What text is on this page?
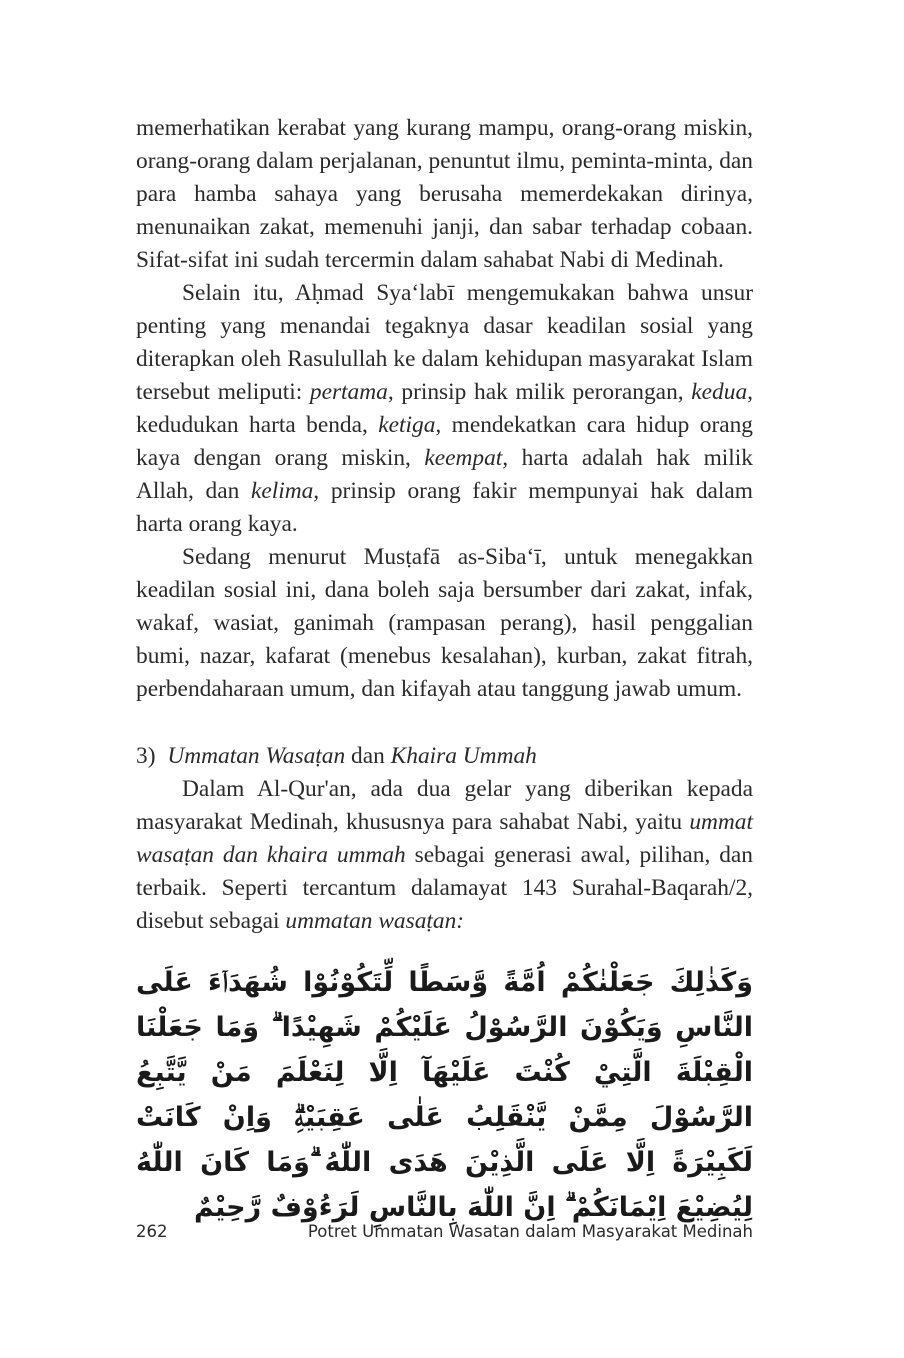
memerhatikan kerabat yang kurang mampu, orang-orang miskin, orang-orang dalam perjalanan, penuntut ilmu, peminta-minta, dan para hamba sahaya yang berusaha memerdekakan dirinya, menunaikan zakat, memenuhi janji, dan sabar terhadap cobaan. Sifat-sifat ini sudah tercermin dalam sahabat Nabi di Medinah.

Selain itu, Aḥmad Sya‘labī mengemukakan bahwa unsur penting yang menandai tegaknya dasar keadilan sosial yang diterapkan oleh Rasulullah ke dalam kehidupan masyarakat Islam tersebut meliputi: pertama, prinsip hak milik perorangan, kedua, kedudukan harta benda, ketiga, mendekatkan cara hidup orang kaya dengan orang miskin, keempat, harta adalah hak milik Allah, dan kelima, prinsip orang fakir mempunyai hak dalam harta orang kaya.

Sedang menurut Musṭafā as-Siba‘ī, untuk menegakkan keadilan sosial ini, dana boleh saja bersumber dari zakat, infak, wakaf, wasiat, ganimah (rampasan perang), hasil penggalian bumi, nazar, kafarat (menebus kesalahan), kurban, zakat fitrah, perbendaharaan umum, dan kifayah atau tanggung jawab umum.

3) Ummatan Wasaṭan dan Khaira Ummah

Dalam Al-Qur'an, ada dua gelar yang diberikan kepada masyarakat Medinah, khususnya para sahabat Nabi, yaitu ummat wasaṭan dan khaira ummah sebagai generasi awal, pilihan, dan terbaik. Seperti tercantum dalamayat 143 Surahal-Baqarah/2, disebut sebagai ummatan wasaṭan:

وَكَذٰلِكَ جَعَلْنٰكُمْ اُمَّةً وَّسَطًا لِّتَكُوْنُوْا شُهَدَاۤءَ عَلَى النَّاسِ وَيَكُوْنَ الرَّسُوْلُ عَلَيْكُمْ شَهِيْدًا ۗ وَمَا جَعَلْنَا الْقِبْلَةَ الَّتِيْ كُنْتَ عَلَيْهَآ اِلَّا لِنَعْلَمَ مَنْ يَّتَّبِعُ الرَّسُوْلَ مِمَّنْ يَّنْقَلِبُ عَلٰى عَقِبَيْهِۗ وَاِنْ كَانَتْ لَكَبِيْرَةً اِلَّا عَلَى الَّذِيْنَ هَدَى اللّٰهُ ۗوَمَا كَانَ اللّٰهُ لِيُضِيْعَ اِيْمَانَكُمْ ۗ اِنَّ اللّٰهَ بِالنَّاسِ لَرَءُوْفٌ رَّحِيْمٌ
262	Potret Ummatan Wasatan dalam Masyarakat Medinah
